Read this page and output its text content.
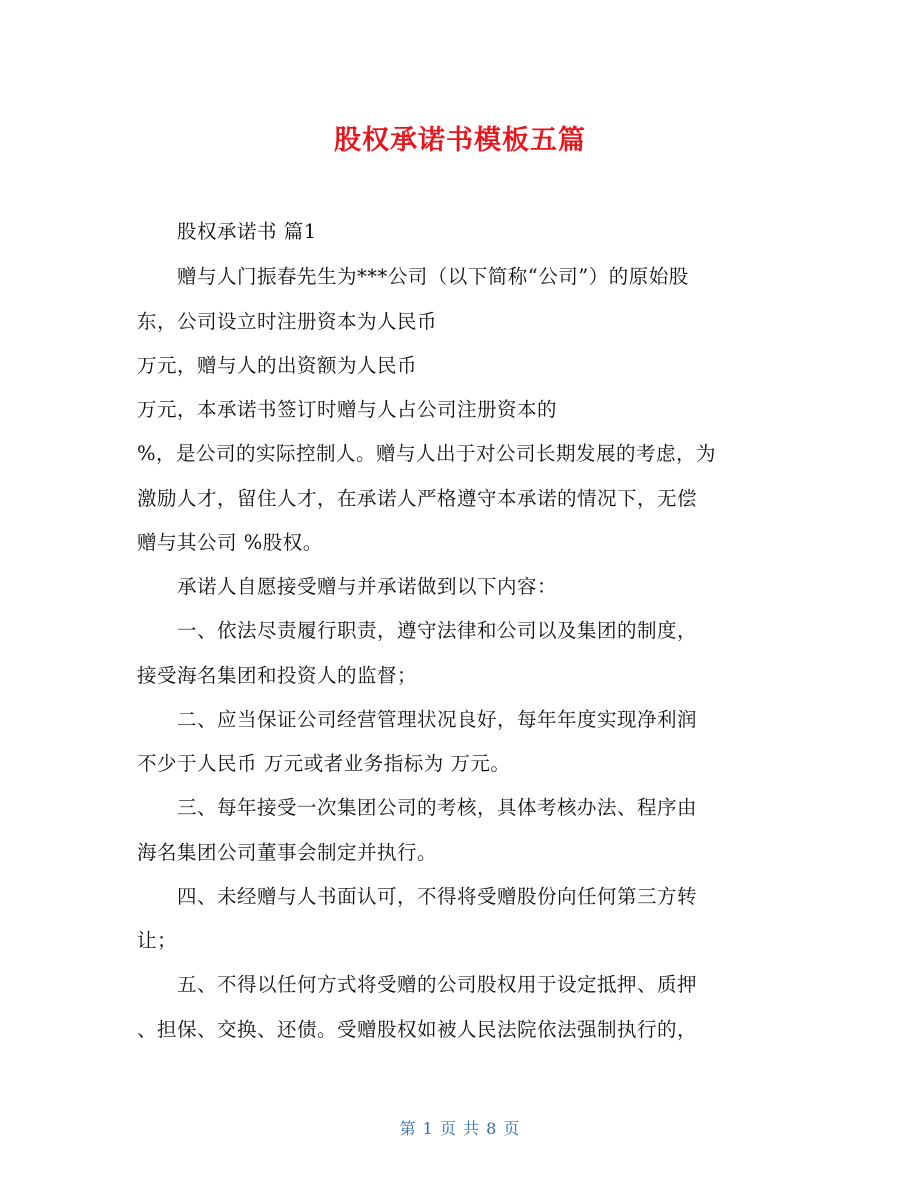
股权承诺书模板五篇
　　股权承诺书 篇1
　　赠与人门振春先生为***公司（以下简称“公司”）的原始股
东，公司设立时注册资本为人民币
万元，赠与人的出资额为人民币
万元，本承诺书签订时赠与人占公司注册资本的
%，是公司的实际控制人。赠与人出于对公司长期发展的考虑，为
激励人才，留住人才，在承诺人严格遵守本承诺的情况下，无偿
赠与其公司 %股权。
　　承诺人自愿接受赠与并承诺做到以下内容：
　　一、依法尽责履行职责，遵守法律和公司以及集团的制度，
接受海名集团和投资人的监督；
　　二、应当保证公司经营管理状况良好，每年年度实现净利润
不少于人民币 万元或者业务指标为 万元。
　　三、每年接受一次集团公司的考核，具体考核办法、程序由
海名集团公司董事会制定并执行。
　　四、未经赠与人书面认可，不得将受赠股份向任何第三方转
让；
　　五、不得以任何方式将受赠的公司股权用于设定抵押、质押
、担保、交换、还债。受赠股权如被人民法院依法强制执行的，
第 1 页 共 8 页
